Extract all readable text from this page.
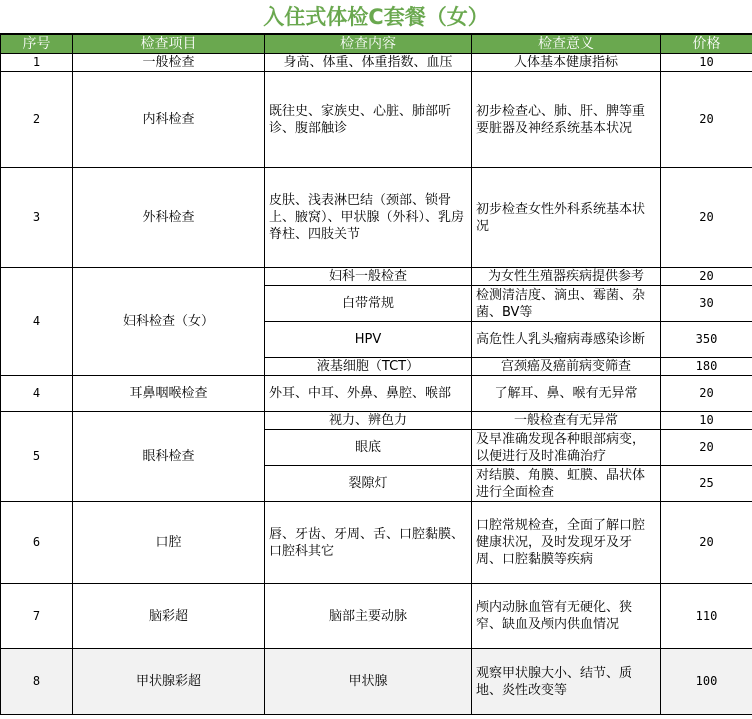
入住式体检C套餐（女）
序号	检查项目	检查内容	检查意义	价格
1	一般检查	身高、体重、体重指数、血压	人体基本健康指标	10
2	内科检查	既往史、家族史、心脏、肺部听诊、腹部触诊	初步检查心、肺、肝、脾等重要脏器及神经系统基本状况	20
3	外科检查	皮肤、浅表淋巴结（颈部、锁骨上、腋窝）、甲状腺（外科）、乳房脊柱、四肢关节	初步检查女性外科系统基本状况	20
4	妇科检查（女）	妇科一般检查	为女性生殖器疾病提供参考	20
		白带常规	检测清洁度、滴虫、霉菌、杂菌、BV等	30
		HPV	高危性人乳头瘤病毒感染诊断	350
		液基细胞（TCT）	宫颈癌及癌前病变筛查	180
4	耳鼻咽喉检查	外耳、中耳、外鼻、鼻腔、喉部	了解耳、鼻、喉有无异常	20
5	眼科检查	视力、辨色力	一般检查有无异常	10
		眼底	及早准确发现各种眼部病变，以便进行及时准确治疗	20
		裂隙灯	对结膜、角膜、虹膜、晶状体进行全面检查	25
6	口腔	唇、牙齿、牙周、舌、口腔黏膜、口腔科其它	口腔常规检查，全面了解口腔健康状况，及时发现牙及牙周、口腔黏膜等疾病	20
7	脑彩超	脑部主要动脉	颅内动脉血管有无硬化、狭窄、缺血及颅内供血情况	110
8	甲状腺彩超	甲状腺	观察甲状腺大小、结节、质地、炎性改变等	100
